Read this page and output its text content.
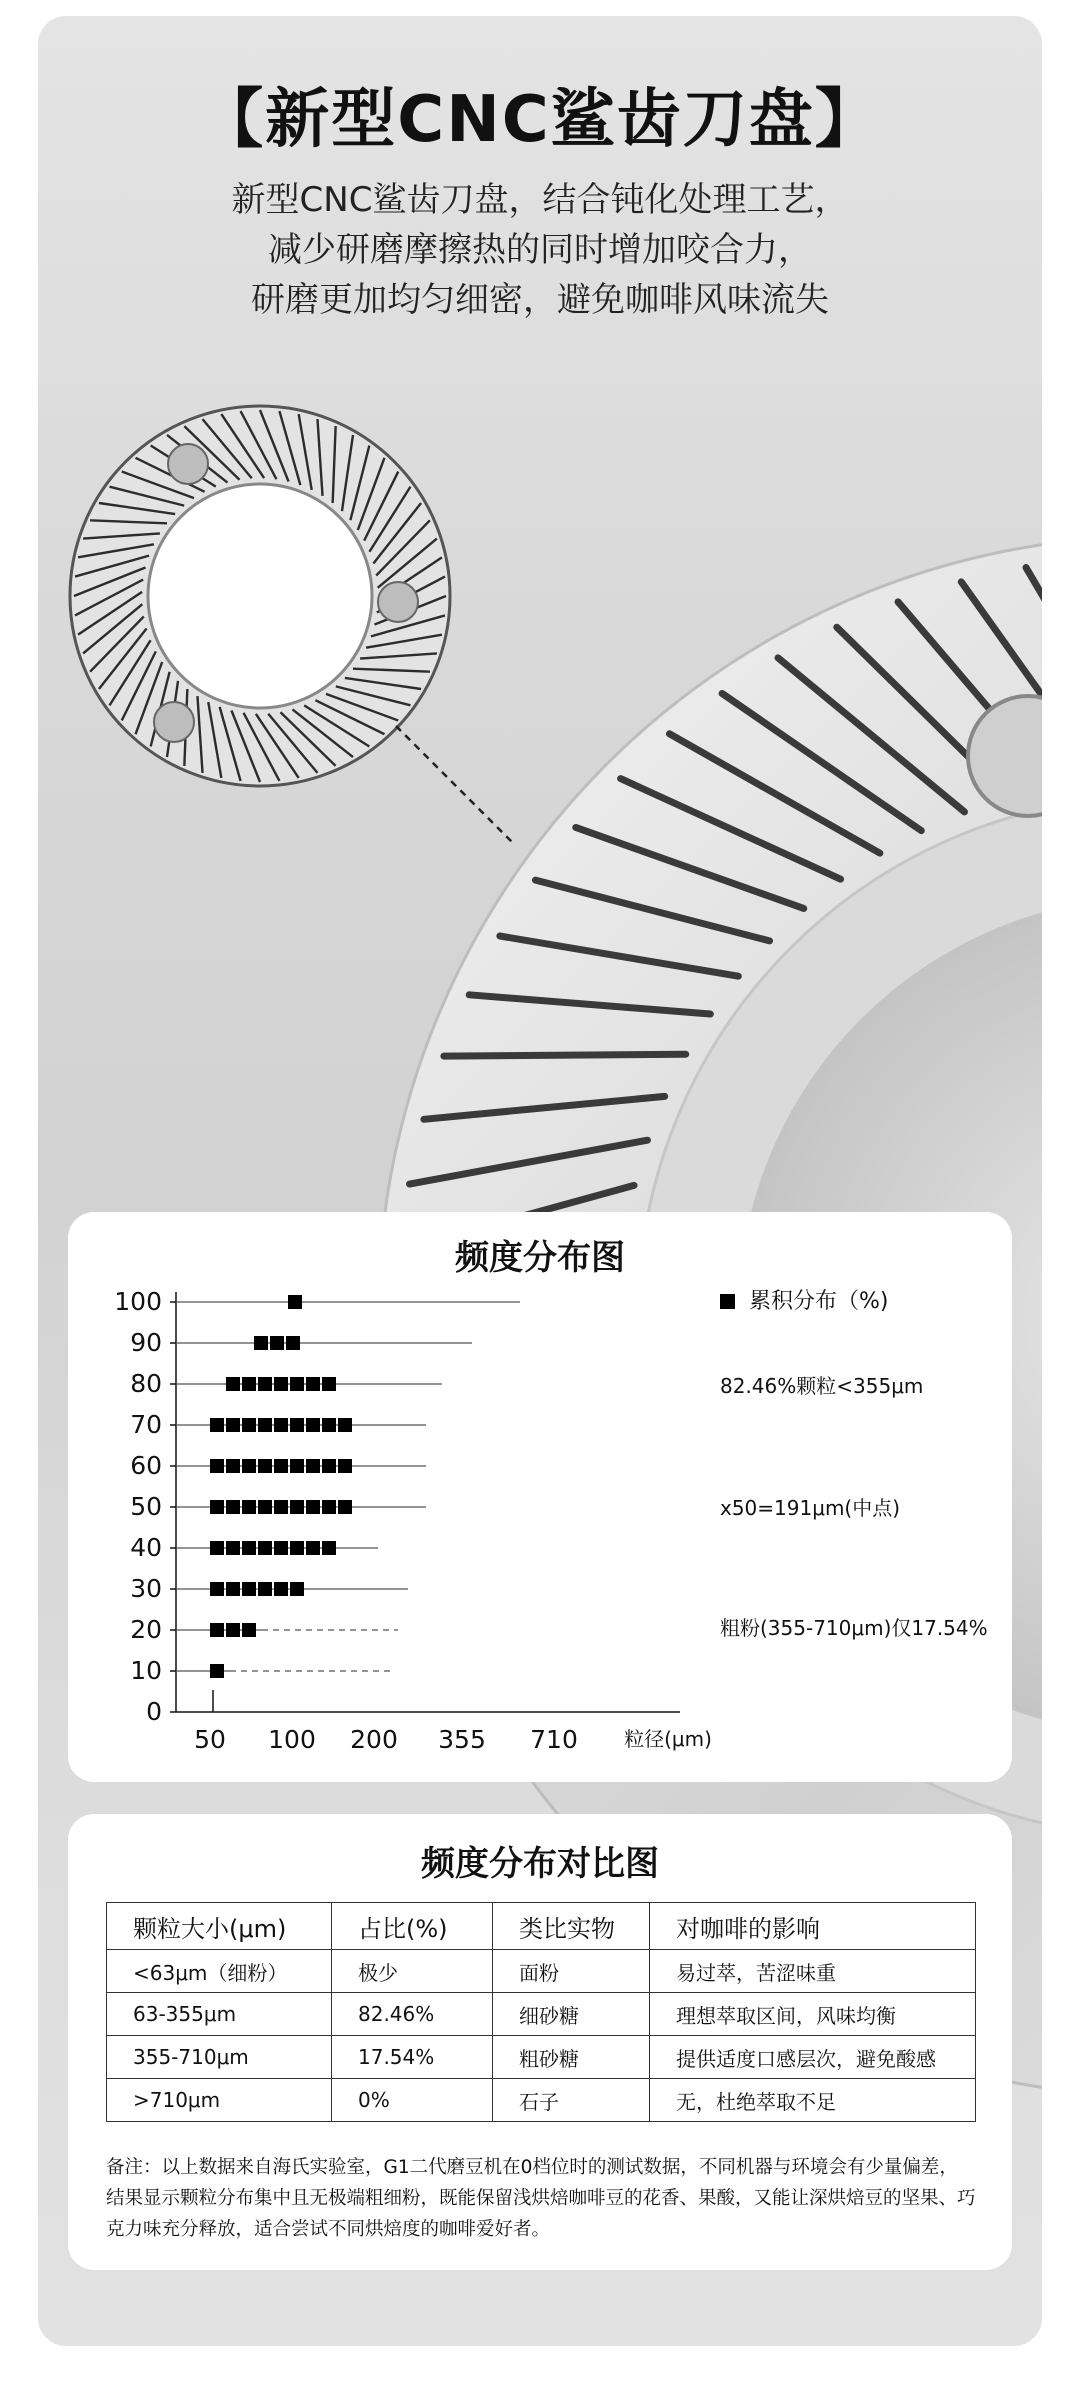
【新型CNC鲨齿刀盘】
新型CNC鲨齿刀盘，结合钝化处理工艺，
减少研磨摩擦热的同时增加咬合力，
研磨更加均匀细密，避免咖啡风味流失
频度分布图
0
10
20
30
40
50
60
70
80
90
100
50 100 200 355 710 粒径(μm)
累积分布（%)
82.46%颗粒<355μm
x50=191μm(中点)
粗粉(355-710μm)仅17.54%
频度分布对比图
颗粒大小(μm)	占比(%)	类比实物	对咖啡的影响
<63μm（细粉）	极少	面粉	易过萃，苦涩味重
63-355μm	82.46%	细砂糖	理想萃取区间，风味均衡
355-710μm	17.54%	粗砂糖	提供适度口感层次，避免酸感
>710μm	0%	石子	无，杜绝萃取不足
备注：以上数据来自海氏实验室，G1二代磨豆机在0档位时的测试数据，不同机器与环境会有少量偏差，结果显示颗粒分布集中且无极端粗细粉，既能保留浅烘焙咖啡豆的花香、果酸，又能让深烘焙豆的坚果、巧克力味充分释放，适合尝试不同烘焙度的咖啡爱好者。
